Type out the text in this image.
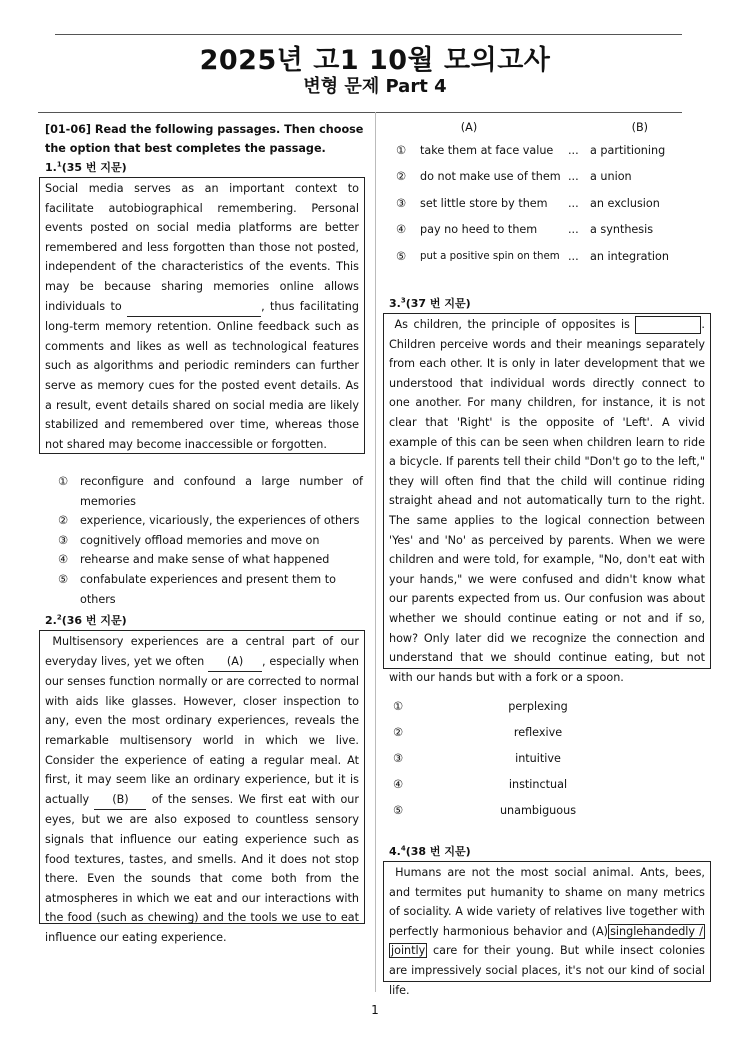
2025년 고1 10월 모의고사
변형 문제 Part 4
[01-06] Read the following passages. Then choose the option that best completes the passage.
1.$^1$(35 번 지문)
Social media serves as an important context to facilitate autobiographical remembering. Personal events posted on social media platforms are better remembered and less forgotten than those not posted, independent of the characteristics of the events. This may be because sharing memories online allows individuals to	, thus facilitating long-term memory retention. Online feedback such as comments and likes as well as technological features such as algorithms and periodic reminders can further serve as memory cues for the posted event details. As a result, event details shared on social media are likely stabilized and remembered over time, whereas those not shared may become inaccessible or forgotten.
①	reconfigure and confound a large number of memories
②	experience, vicariously, the experiences of others
③	cognitively offload memories and move on
④	rehearse and make sense of what happened
⑤	confabulate experiences and present them to others
2.$^2$(36 번 지문)
Multisensory experiences are a central part of our everyday lives, yet we often (A) , especially when our senses function normally or are corrected to normal with aids like glasses. However, closer inspection to any, even the most ordinary experiences, reveals the remarkable multisensory world in which we live. Consider the experience of eating a regular meal. At first, it may seem like an ordinary experience, but it is actually (B) of the senses. We first eat with our eyes, but we are also exposed to countless sensory signals that influence our eating experience such as food textures, tastes, and smells. And it does not stop there. Even the sounds that come both from the atmospheres in which we eat and our interactions with the food (such as chewing) and the tools we use to eat influence our eating experience.
(A)	(B)
①	take them at face value	...	a partitioning
②	do not make use of them ...	a union
③	set little store by them	...	an exclusion
④	pay no heed to them	...	a synthesis
⑤	put a positive spin on them ...	an integration
3.$^3$(37 번 지문)
As children, the principle of opposites is	. Children perceive words and their meanings separately from each other. It is only in later development that we understood that individual words directly connect to one another. For many children, for instance, it is not clear that 'Right' is the opposite of 'Left'. A vivid example of this can be seen when children learn to ride a bicycle. If parents tell their child "Don't go to the left," they will often find that the child will continue riding straight ahead and not automatically turn to the right. The same applies to the logical connection between 'Yes' and 'No' as perceived by parents. When we were children and were told, for example, "No, don't eat with your hands," we were confused and didn't know what our parents expected from us. Our confusion was about whether we should continue eating or not and if so, how? Only later did we recognize the connection and understand that we should continue eating, but not with our hands but with a fork or a spoon.
①	perplexing
②	reflexive
③	intuitive
④	instinctual
⑤	unambiguous
4.$^4$(38 번 지문)
Humans are not the most social animal. Ants, bees, and termites put humanity to shame on many metrics of sociality. A wide variety of relatives live together with perfectly harmonious behavior and (A) singlehandedly / jointly care for their young. But while insect colonies are impressively social places, it's not our kind of social life.
1
